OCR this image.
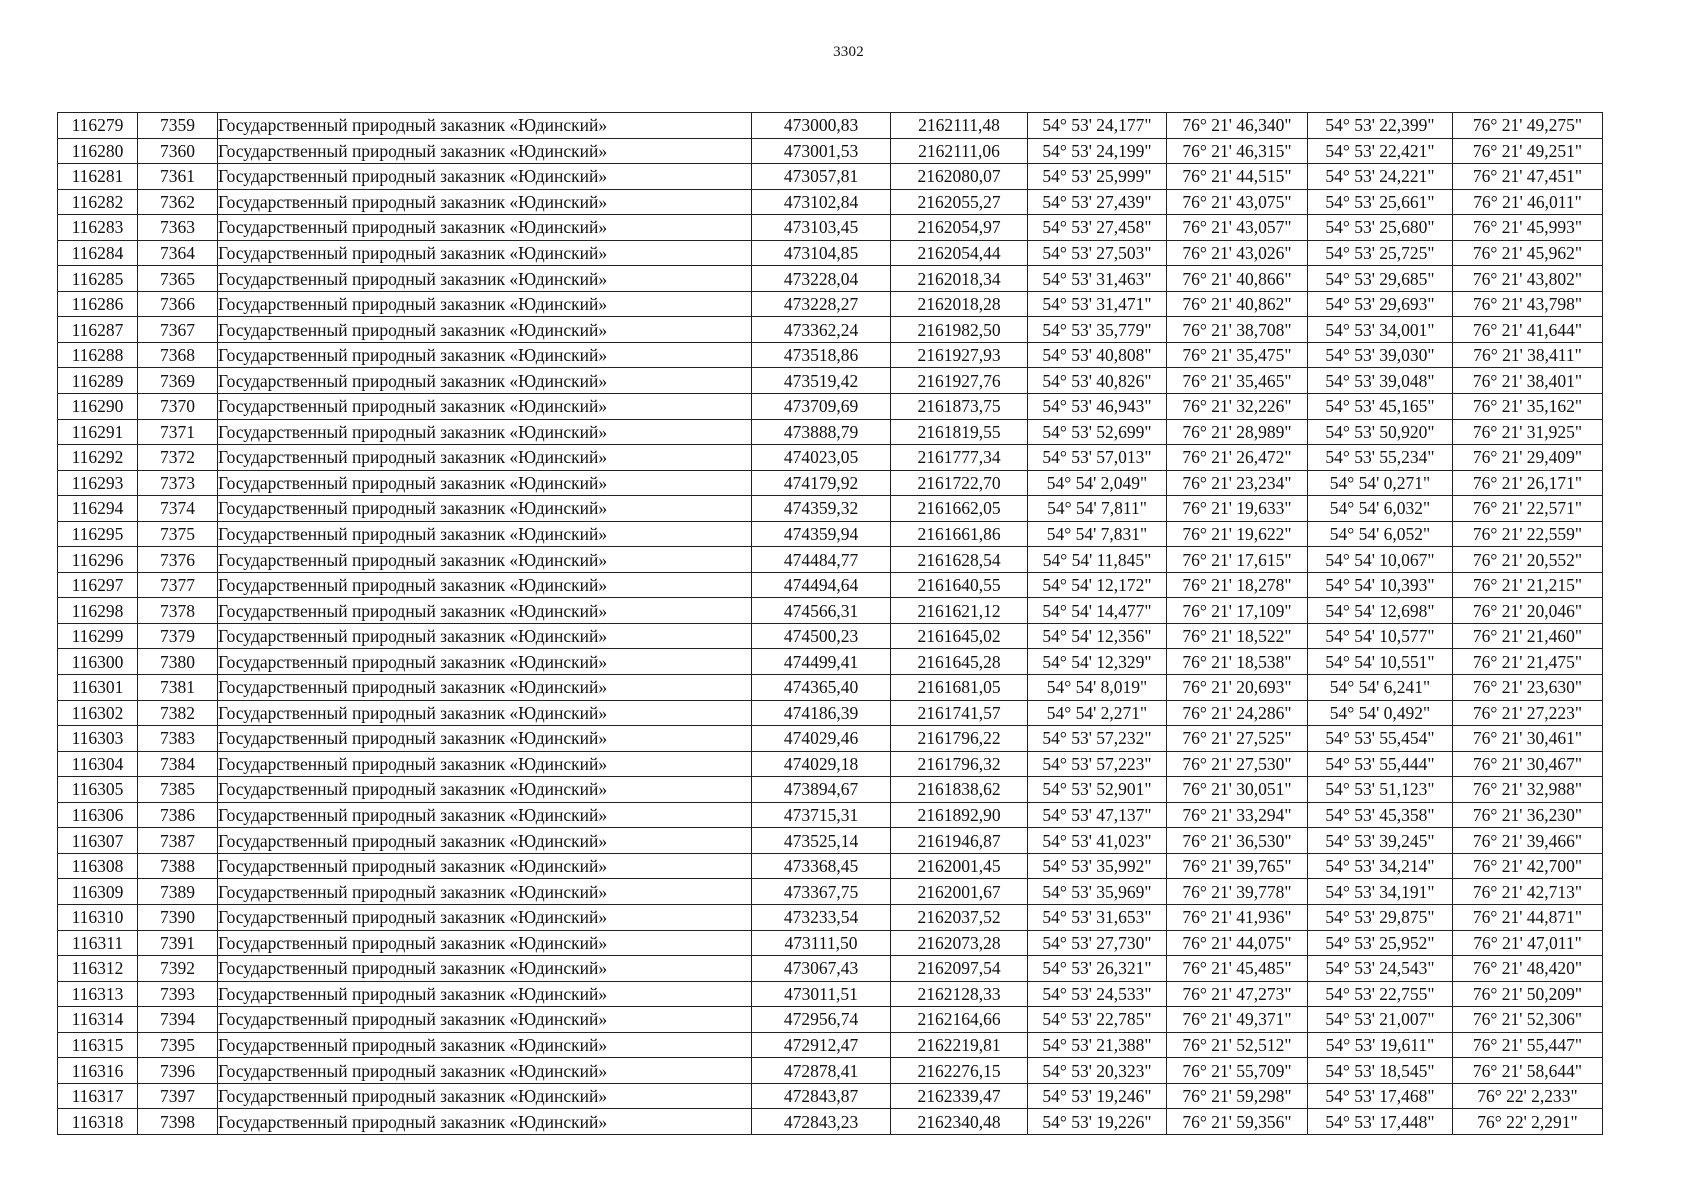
3302
116279	7359	Государственный природный заказник «Юдинский»	473000,83	2162111,48	54° 53' 24,177"	76° 21' 46,340"	54° 53' 22,399"	76° 21' 49,275"
116280	7360	Государственный природный заказник «Юдинский»	473001,53	2162111,06	54° 53' 24,199"	76° 21' 46,315"	54° 53' 22,421"	76° 21' 49,251"
116281	7361	Государственный природный заказник «Юдинский»	473057,81	2162080,07	54° 53' 25,999"	76° 21' 44,515"	54° 53' 24,221"	76° 21' 47,451"
116282	7362	Государственный природный заказник «Юдинский»	473102,84	2162055,27	54° 53' 27,439"	76° 21' 43,075"	54° 53' 25,661"	76° 21' 46,011"
116283	7363	Государственный природный заказник «Юдинский»	473103,45	2162054,97	54° 53' 27,458"	76° 21' 43,057"	54° 53' 25,680"	76° 21' 45,993"
116284	7364	Государственный природный заказник «Юдинский»	473104,85	2162054,44	54° 53' 27,503"	76° 21' 43,026"	54° 53' 25,725"	76° 21' 45,962"
116285	7365	Государственный природный заказник «Юдинский»	473228,04	2162018,34	54° 53' 31,463"	76° 21' 40,866"	54° 53' 29,685"	76° 21' 43,802"
116286	7366	Государственный природный заказник «Юдинский»	473228,27	2162018,28	54° 53' 31,471"	76° 21' 40,862"	54° 53' 29,693"	76° 21' 43,798"
116287	7367	Государственный природный заказник «Юдинский»	473362,24	2161982,50	54° 53' 35,779"	76° 21' 38,708"	54° 53' 34,001"	76° 21' 41,644"
116288	7368	Государственный природный заказник «Юдинский»	473518,86	2161927,93	54° 53' 40,808"	76° 21' 35,475"	54° 53' 39,030"	76° 21' 38,411"
116289	7369	Государственный природный заказник «Юдинский»	473519,42	2161927,76	54° 53' 40,826"	76° 21' 35,465"	54° 53' 39,048"	76° 21' 38,401"
116290	7370	Государственный природный заказник «Юдинский»	473709,69	2161873,75	54° 53' 46,943"	76° 21' 32,226"	54° 53' 45,165"	76° 21' 35,162"
116291	7371	Государственный природный заказник «Юдинский»	473888,79	2161819,55	54° 53' 52,699"	76° 21' 28,989"	54° 53' 50,920"	76° 21' 31,925"
116292	7372	Государственный природный заказник «Юдинский»	474023,05	2161777,34	54° 53' 57,013"	76° 21' 26,472"	54° 53' 55,234"	76° 21' 29,409"
116293	7373	Государственный природный заказник «Юдинский»	474179,92	2161722,70	54° 54' 2,049"	76° 21' 23,234"	54° 54' 0,271"	76° 21' 26,171"
116294	7374	Государственный природный заказник «Юдинский»	474359,32	2161662,05	54° 54' 7,811"	76° 21' 19,633"	54° 54' 6,032"	76° 21' 22,571"
116295	7375	Государственный природный заказник «Юдинский»	474359,94	2161661,86	54° 54' 7,831"	76° 21' 19,622"	54° 54' 6,052"	76° 21' 22,559"
116296	7376	Государственный природный заказник «Юдинский»	474484,77	2161628,54	54° 54' 11,845"	76° 21' 17,615"	54° 54' 10,067"	76° 21' 20,552"
116297	7377	Государственный природный заказник «Юдинский»	474494,64	2161640,55	54° 54' 12,172"	76° 21' 18,278"	54° 54' 10,393"	76° 21' 21,215"
116298	7378	Государственный природный заказник «Юдинский»	474566,31	2161621,12	54° 54' 14,477"	76° 21' 17,109"	54° 54' 12,698"	76° 21' 20,046"
116299	7379	Государственный природный заказник «Юдинский»	474500,23	2161645,02	54° 54' 12,356"	76° 21' 18,522"	54° 54' 10,577"	76° 21' 21,460"
116300	7380	Государственный природный заказник «Юдинский»	474499,41	2161645,28	54° 54' 12,329"	76° 21' 18,538"	54° 54' 10,551"	76° 21' 21,475"
116301	7381	Государственный природный заказник «Юдинский»	474365,40	2161681,05	54° 54' 8,019"	76° 21' 20,693"	54° 54' 6,241"	76° 21' 23,630"
116302	7382	Государственный природный заказник «Юдинский»	474186,39	2161741,57	54° 54' 2,271"	76° 21' 24,286"	54° 54' 0,492"	76° 21' 27,223"
116303	7383	Государственный природный заказник «Юдинский»	474029,46	2161796,22	54° 53' 57,232"	76° 21' 27,525"	54° 53' 55,454"	76° 21' 30,461"
116304	7384	Государственный природный заказник «Юдинский»	474029,18	2161796,32	54° 53' 57,223"	76° 21' 27,530"	54° 53' 55,444"	76° 21' 30,467"
116305	7385	Государственный природный заказник «Юдинский»	473894,67	2161838,62	54° 53' 52,901"	76° 21' 30,051"	54° 53' 51,123"	76° 21' 32,988"
116306	7386	Государственный природный заказник «Юдинский»	473715,31	2161892,90	54° 53' 47,137"	76° 21' 33,294"	54° 53' 45,358"	76° 21' 36,230"
116307	7387	Государственный природный заказник «Юдинский»	473525,14	2161946,87	54° 53' 41,023"	76° 21' 36,530"	54° 53' 39,245"	76° 21' 39,466"
116308	7388	Государственный природный заказник «Юдинский»	473368,45	2162001,45	54° 53' 35,992"	76° 21' 39,765"	54° 53' 34,214"	76° 21' 42,700"
116309	7389	Государственный природный заказник «Юдинский»	473367,75	2162001,67	54° 53' 35,969"	76° 21' 39,778"	54° 53' 34,191"	76° 21' 42,713"
116310	7390	Государственный природный заказник «Юдинский»	473233,54	2162037,52	54° 53' 31,653"	76° 21' 41,936"	54° 53' 29,875"	76° 21' 44,871"
116311	7391	Государственный природный заказник «Юдинский»	473111,50	2162073,28	54° 53' 27,730"	76° 21' 44,075"	54° 53' 25,952"	76° 21' 47,011"
116312	7392	Государственный природный заказник «Юдинский»	473067,43	2162097,54	54° 53' 26,321"	76° 21' 45,485"	54° 53' 24,543"	76° 21' 48,420"
116313	7393	Государственный природный заказник «Юдинский»	473011,51	2162128,33	54° 53' 24,533"	76° 21' 47,273"	54° 53' 22,755"	76° 21' 50,209"
116314	7394	Государственный природный заказник «Юдинский»	472956,74	2162164,66	54° 53' 22,785"	76° 21' 49,371"	54° 53' 21,007"	76° 21' 52,306"
116315	7395	Государственный природный заказник «Юдинский»	472912,47	2162219,81	54° 53' 21,388"	76° 21' 52,512"	54° 53' 19,611"	76° 21' 55,447"
116316	7396	Государственный природный заказник «Юдинский»	472878,41	2162276,15	54° 53' 20,323"	76° 21' 55,709"	54° 53' 18,545"	76° 21' 58,644"
116317	7397	Государственный природный заказник «Юдинский»	472843,87	2162339,47	54° 53' 19,246"	76° 21' 59,298"	54° 53' 17,468"	76° 22' 2,233"
116318	7398	Государственный природный заказник «Юдинский»	472843,23	2162340,48	54° 53' 19,226"	76° 21' 59,356"	54° 53' 17,448"	76° 22' 2,291"
